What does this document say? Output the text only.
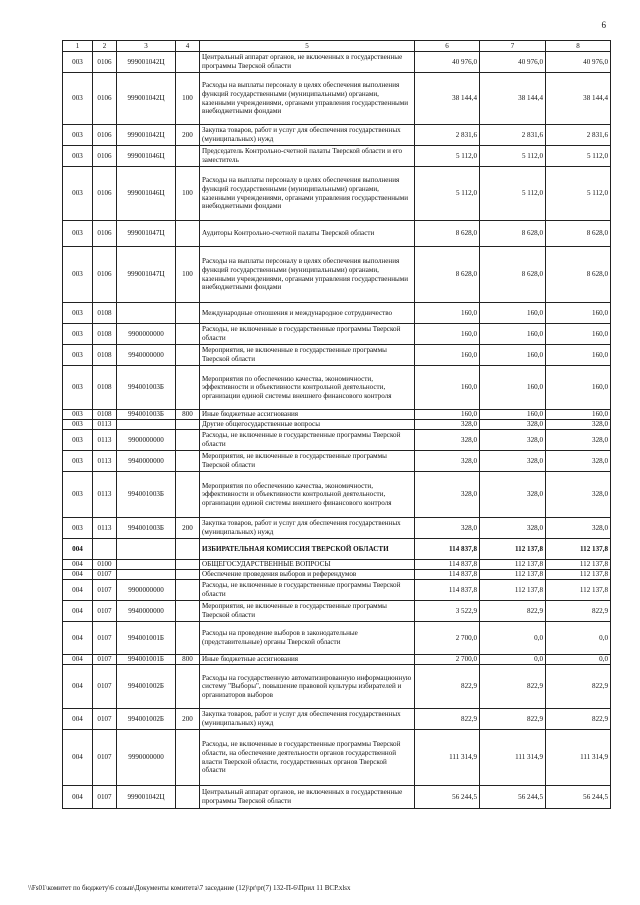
6
1	2	3	4	5	6	7	8
003	0106	999001042Ц		Центральный аппарат органов, не включенных в государственные программы Тверской области	40 976,0	40 976,0	40 976,0
003	0106	999001042Ц	100	Расходы на выплаты персоналу в целях обеспечения выполнения функций государственными (муниципальными) органами, казенными учреждениями, органами управления государственными внебюджетными фондами	38 144,4	38 144,4	38 144,4
003	0106	999001042Ц	200	Закупка товаров, работ и услуг для обеспечения государственных (муниципальных) нужд	2 831,6	2 831,6	2 831,6
003	0106	999001046Ц		Председатель Контрольно-счетной палаты Тверской области и его заместитель	5 112,0	5 112,0	5 112,0
003	0106	999001046Ц	100	Расходы на выплаты персоналу в целях обеспечения выполнения функций государственными (муниципальными) органами, казенными учреждениями, органами управления государственными внебюджетными фондами	5 112,0	5 112,0	5 112,0
003	0106	999001047Ц		Аудиторы Контрольно-счетной палаты Тверской области	8 628,0	8 628,0	8 628,0
003	0106	999001047Ц	100	Расходы на выплаты персоналу в целях обеспечения выполнения функций государственными (муниципальными) органами, казенными учреждениями, органами управления государственными внебюджетными фондами	8 628,0	8 628,0	8 628,0
003	0108			Международные отношения и международное сотрудничество	160,0	160,0	160,0
003	0108	9900000000		Расходы, не включенные в государственные программы Тверской области	160,0	160,0	160,0
003	0108	9940000000		Мероприятия, не включенные в государственные программы Тверской области	160,0	160,0	160,0
003	0108	994001003Б		Мероприятия по обеспечению качества, экономичности, эффективности и объективности контрольной деятельности, организации единой системы внешнего финансового контроля	160,0	160,0	160,0
003	0108	994001003Б	800	Иные бюджетные ассигнования	160,0	160,0	160,0
003	0113			Другие общегосударственные вопросы	328,0	328,0	328,0
003	0113	9900000000		Расходы, не включенные в государственные программы Тверской области	328,0	328,0	328,0
003	0113	9940000000		Мероприятия, не включенные в государственные программы Тверской области	328,0	328,0	328,0
003	0113	994001003Б		Мероприятия по обеспечению качества, экономичности, эффективности и объективности контрольной деятельности, организации единой системы внешнего финансового контроля	328,0	328,0	328,0
003	0113	994001003Б	200	Закупка товаров, работ и услуг для обеспечения государственных (муниципальных) нужд	328,0	328,0	328,0
004				ИЗБИРАТЕЛЬНАЯ КОМИССИЯ ТВЕРСКОЙ ОБЛАСТИ	114 837,8	112 137,8	112 137,8
004	0100			ОБЩЕГОСУДАРСТВЕННЫЕ ВОПРОСЫ	114 837,8	112 137,8	112 137,8
004	0107			Обеспечение проведения выборов и референдумов	114 837,8	112 137,8	112 137,8
004	0107	9900000000		Расходы, не включенные в государственные программы Тверской области	114 837,8	112 137,8	112 137,8
004	0107	9940000000		Мероприятия, не включенные в государственные программы Тверской области	3 522,9	822,9	822,9
004	0107	994001001Б		Расходы на проведение выборов в законодательные (представительные) органы Тверской области	2 700,0	0,0	0,0
004	0107	994001001Б	800	Иные бюджетные ассигнования	2 700,0	0,0	0,0
004	0107	994001002Б		Расходы на государственную автоматизированную информационную систему "Выборы", повышение правовой культуры избирателей и организаторов выборов	822,9	822,9	822,9
004	0107	994001002Б	200	Закупка товаров, работ и услуг для обеспечения государственных (муниципальных) нужд	822,9	822,9	822,9
004	0107	9990000000		Расходы, не включенные в государственные программы Тверской области, на обеспечение деятельности органов государственной власти Тверской области, государственных органов Тверской области	111 314,9	111 314,9	111 314,9
004	0107	999001042Ц		Центральный аппарат органов, не включенных в государственные программы Тверской области	56 244,5	56 244,5	56 244,5
\\Fs01\комитет по бюджету\6 созыв\Документы комитета\7 заседание (12)\pr\pr(7) 132-П-6\Прил 11 ВСР.xlsx
